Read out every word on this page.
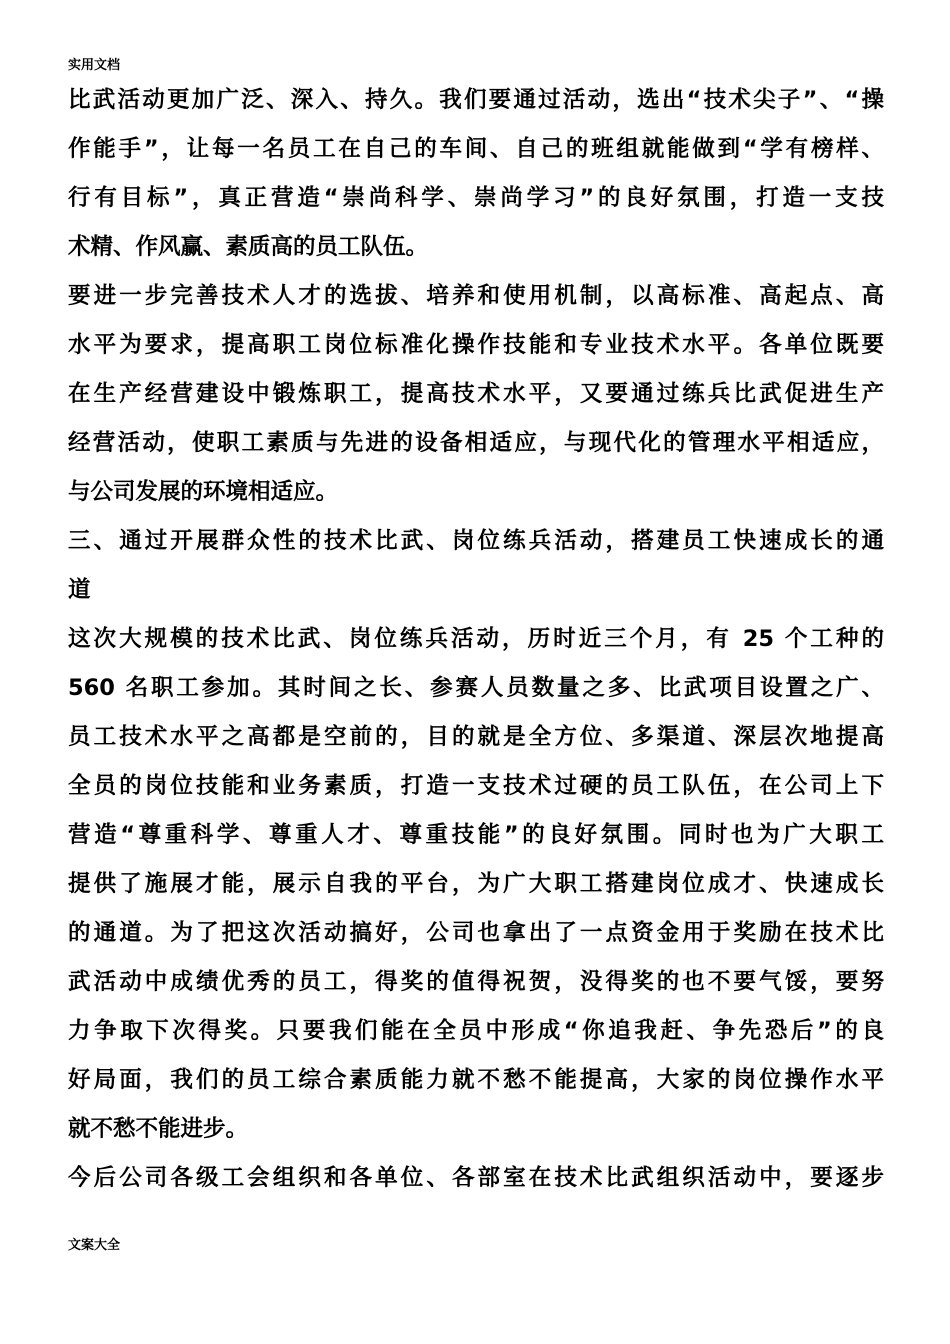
实用文档
比武活动更加广泛、深入、持久。我们要通过活动，选出“技术尖子”、“操
作能手”，让每一名员工在自己的车间、自己的班组就能做到“学有榜样、
行有目标”，真正营造“崇尚科学、崇尚学习”的良好氛围，打造一支技
术精、作风赢、素质高的员工队伍。
要进一步完善技术人才的选拔、培养和使用机制，以高标准、高起点、高
水平为要求，提高职工岗位标准化操作技能和专业技术水平。各单位既要
在生产经营建设中锻炼职工，提高技术水平，又要通过练兵比武促进生产
经营活动，使职工素质与先进的设备相适应，与现代化的管理水平相适应，
与公司发展的环境相适应。
三、通过开展群众性的技术比武、岗位练兵活动，搭建员工快速成长的通
道
这次大规模的技术比武、岗位练兵活动，历时近三个月，有 25 个工种的
560 名职工参加。其时间之长、参赛人员数量之多、比武项目设置之广、
员工技术水平之高都是空前的，目的就是全方位、多渠道、深层次地提高
全员的岗位技能和业务素质，打造一支技术过硬的员工队伍，在公司上下
营造“尊重科学、尊重人才、尊重技能”的良好氛围。同时也为广大职工
提供了施展才能，展示自我的平台，为广大职工搭建岗位成才、快速成长
的通道。为了把这次活动搞好，公司也拿出了一点资金用于奖励在技术比
武活动中成绩优秀的员工，得奖的值得祝贺，没得奖的也不要气馁，要努
力争取下次得奖。只要我们能在全员中形成“你追我赶、争先恐后”的良
好局面，我们的员工综合素质能力就不愁不能提高，大家的岗位操作水平
就不愁不能进步。
今后公司各级工会组织和各单位、各部室在技术比武组织活动中，要逐步
文案大全
